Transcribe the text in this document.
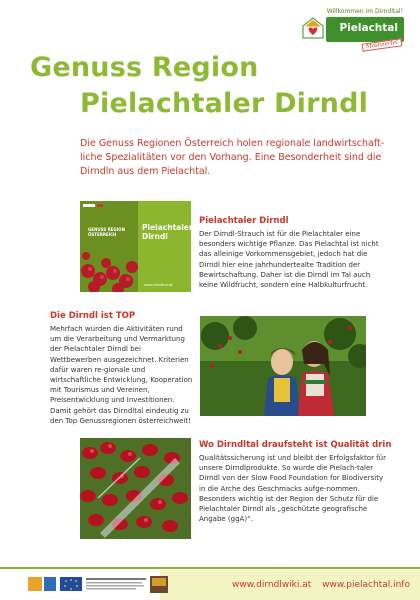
Willkommen im Dirndltal!
Pielachtal
Mostviertel
Genuss Region
Pielachtaler Dirndl
Die Genuss Regionen Österreich holen regionale landwirtschaft-liche Spezialitäten vor den Vorhang. Eine Besonderheit sind die Dirndln aus dem Pielachtal.
GENUSS REGION ÖSTERREICH
Pielachtaler Dirndl
www.dirndltal.at
Pielachtaler Dirndl
Der Dirndl-Strauch ist für die Pielachtaler eine besonders wichtige Pflanze. Das Pielachtal ist nicht das alleinige Vorkommensgebiet, jedoch hat die Dirndl hier eine jahrhundertealte Tradition der Bewirtschaftung. Daher ist die Dirndl im Tal auch keine Wildfrucht, sondern eine Halbkulturfrucht.
Die Dirndl ist TOP
Mehrfach wurden die Aktivitäten rund um die Verarbeitung und Vermarktung der Pielachtaler Dirndl bei Wettbewerben ausgezeichnet. Kriterien dafür waren re-gionale und wirtschaftliche Entwicklung, Kooperation mit Tourismus und Vereinen, Preisentwicklung und Investitionen. Damit gehört das Dirndltal eindeutig zu den Top Genussregionen österreichweit!
Wo Dirndltal draufsteht ist Qualität drin
Qualitätssicherung ist und bleibt der Erfolgsfaktor für unsere Dirndlprodukte. So wurde die Pielach-taler Dirndl von der Slow Food Foundation for Biodiversity in die Arche des Geschmacks aufge-nommen. Besonders wichtig ist der Region der Schutz für die Pielachtaler Dirndl als „geschützte geografische Angabe (ggA)“.
www.dirndlwiki.at www.pielachtal.info
